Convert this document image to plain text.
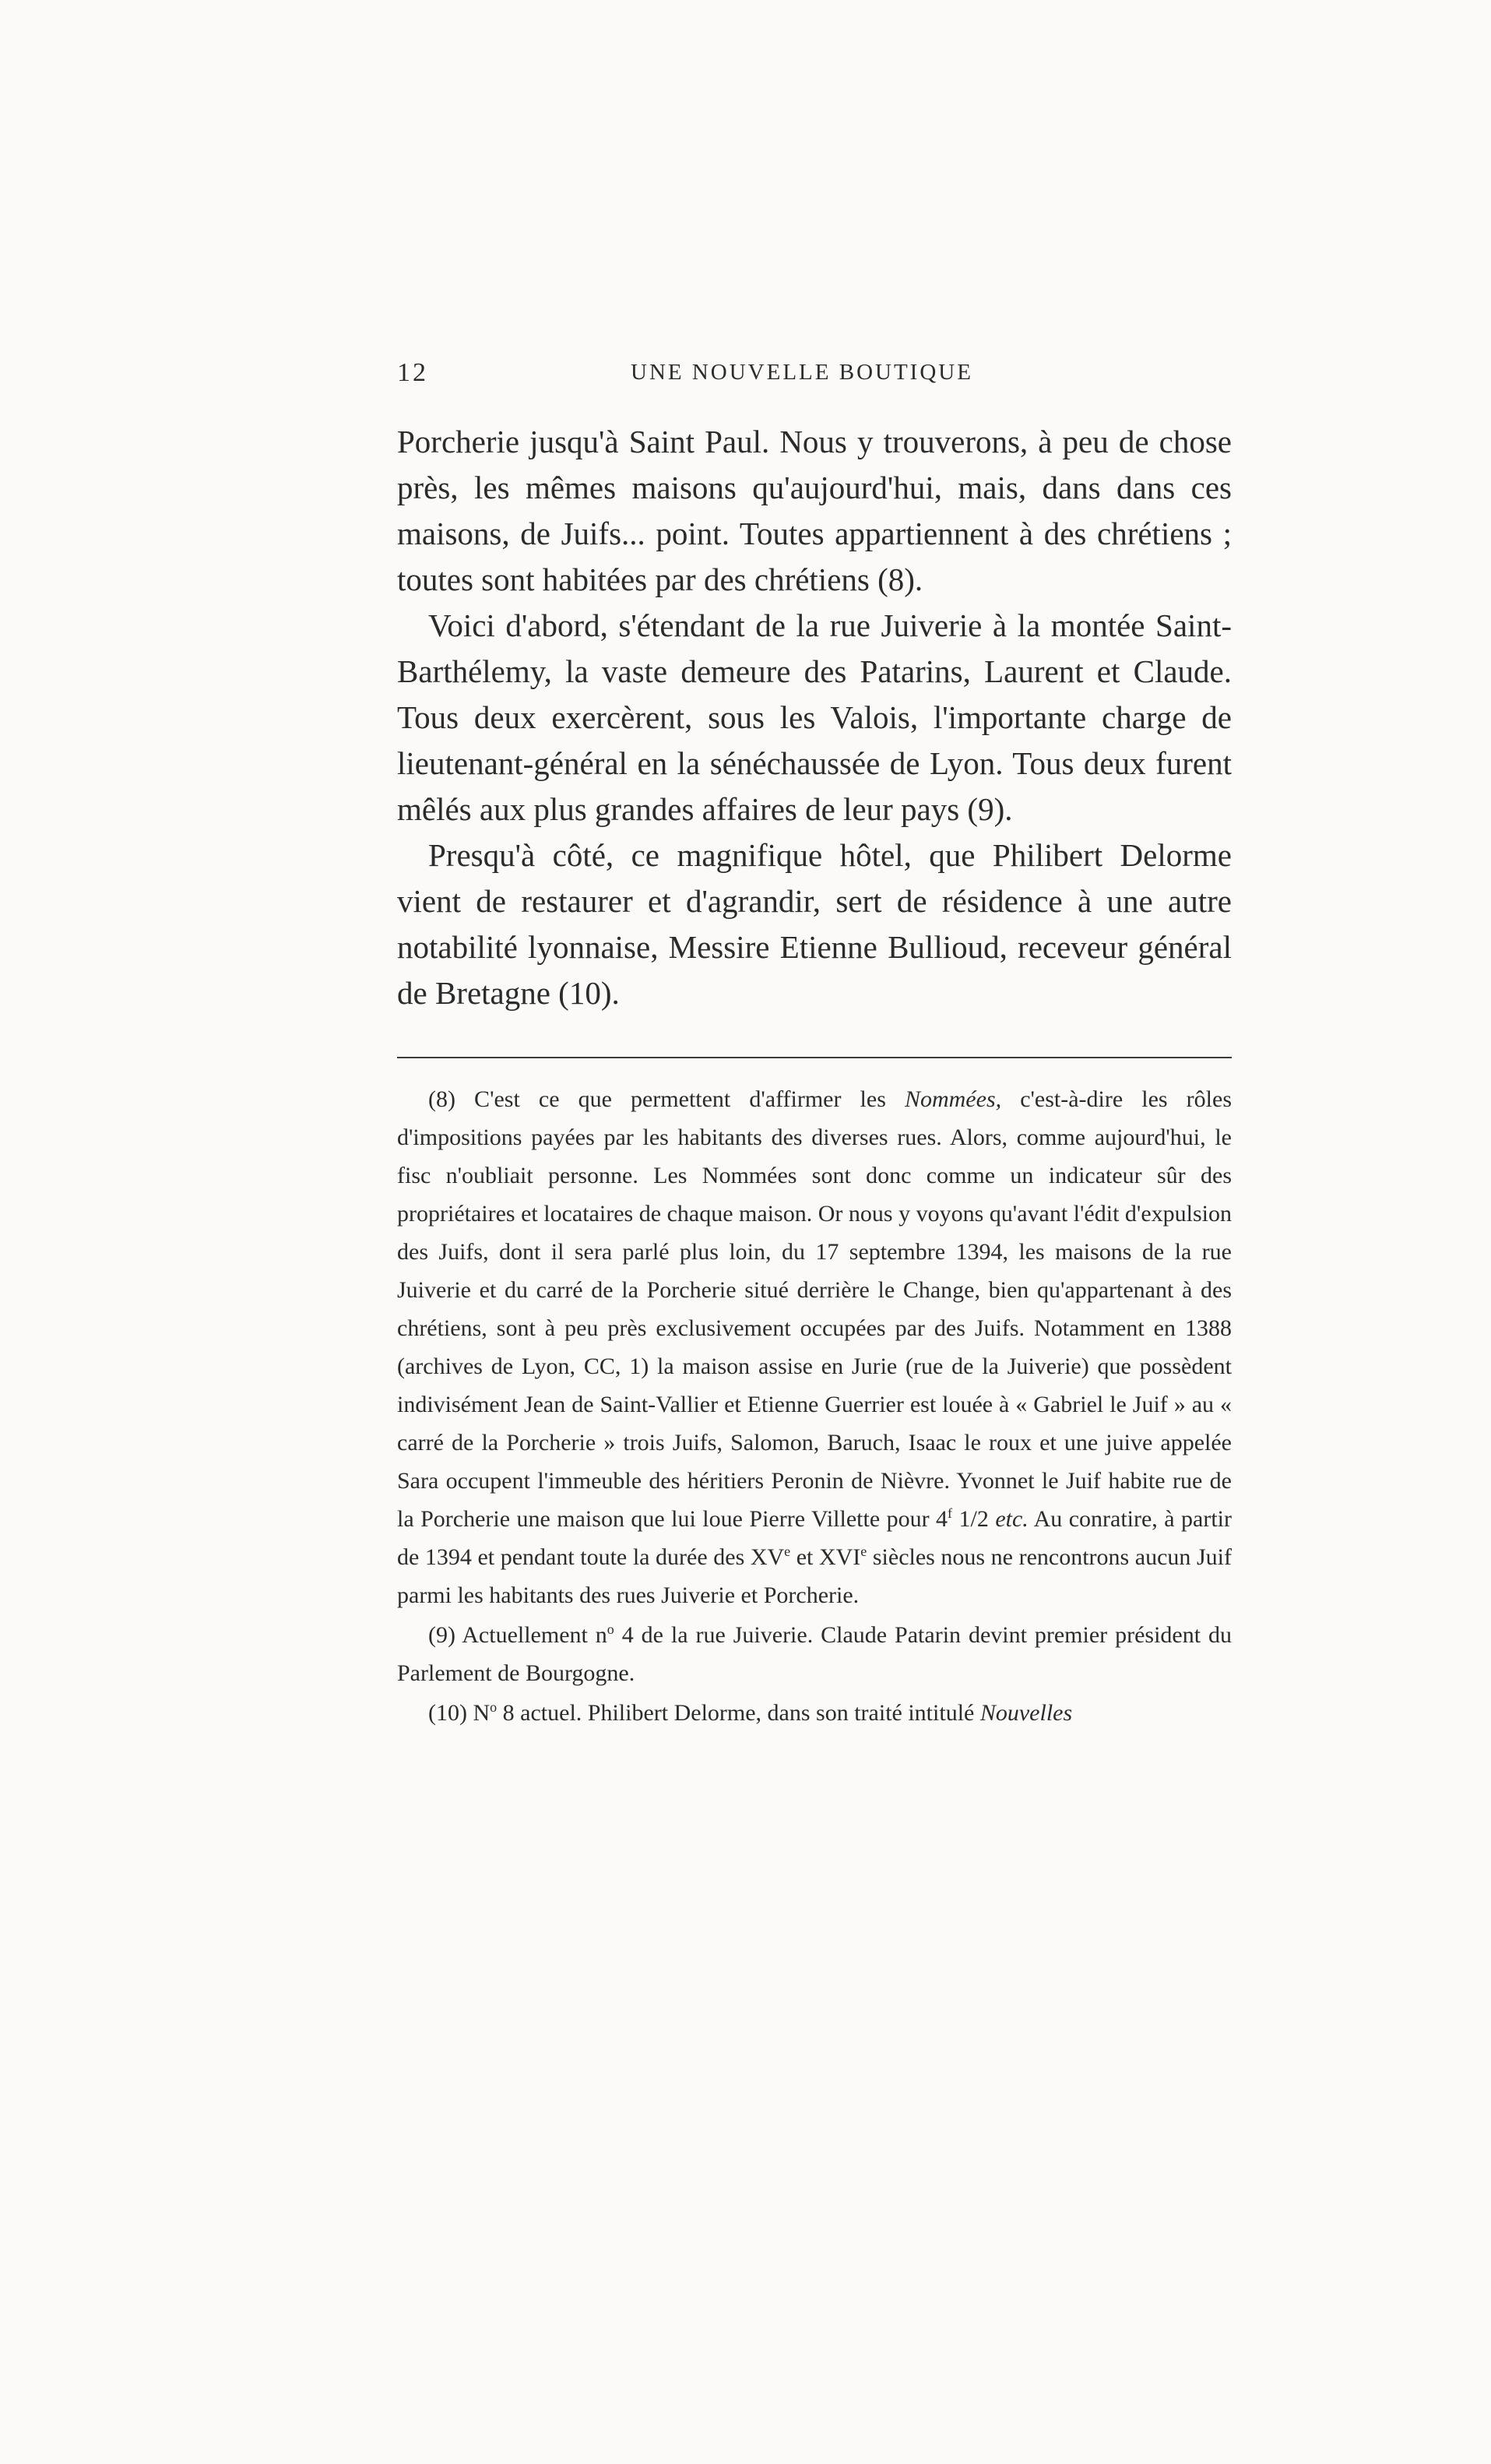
12	UNE NOUVELLE BOUTIQUE

Porcherie jusqu'à Saint Paul. Nous y trouverons, à peu de chose près, les mêmes maisons qu'aujourd'hui, mais, dans dans ces maisons, de Juifs... point. Toutes appartiennent à des chrétiens ; toutes sont habitées par des chrétiens (8).

Voici d'abord, s'étendant de la rue Juiverie à la montée Saint-Barthélemy, la vaste demeure des Patarins, Laurent et Claude. Tous deux exercèrent, sous les Valois, l'importante charge de lieutenant-général en la sénéchaussée de Lyon. Tous deux furent mêlés aux plus grandes affaires de leur pays (9).

Presqu'à côté, ce magnifique hôtel, que Philibert Delorme vient de restaurer et d'agrandir, sert de résidence à une autre notabilité lyonnaise, Messire Etienne Bullioud, receveur général de Bretagne (10).

(8) C'est ce que permettent d'affirmer les Nommées, c'est-à-dire les rôles d'impositions payées par les habitants des diverses rues. Alors, comme aujourd'hui, le fisc n'oubliait personne. Les Nommées sont donc comme un indicateur sûr des propriétaires et locataires de chaque maison. Or nous y voyons qu'avant l'édit d'expulsion des Juifs, dont il sera parlé plus loin, du 17 septembre 1394, les maisons de la rue Juiverie et du carré de la Porcherie situé derrière le Change, bien qu'appartenant à des chrétiens, sont à peu près exclusivement occupées par des Juifs. Notamment en 1388 (archives de Lyon, CC, 1) la maison assise en Jurie (rue de la Juiverie) que possèdent indivisément Jean de Saint-Vallier et Etienne Guerrier est louée à « Gabriel le Juif » au « carré de la Porcherie » trois Juifs, Salomon, Baruch, Isaac le roux et une juive appelée Sara occupent l'immeuble des héritiers Peronin de Nièvre. Yvonnet le Juif habite rue de la Porcherie une maison que lui loue Pierre Villette pour 4$^f$ 1/2 etc. Au conratire, à partir de 1394 et pendant toute la durée des XVe et XVIe siècles nous ne rencontrons aucun Juif parmi les habitants des rues Juiverie et Porcherie.

(9) Actuellement $n^o$ 4 de la rue Juiverie. Claude Patarin devint premier président du Parlement de Bourgogne.

(10) $N^o$ 8 actuel. Philibert Delorme, dans son traité intitulé Nouvelles
